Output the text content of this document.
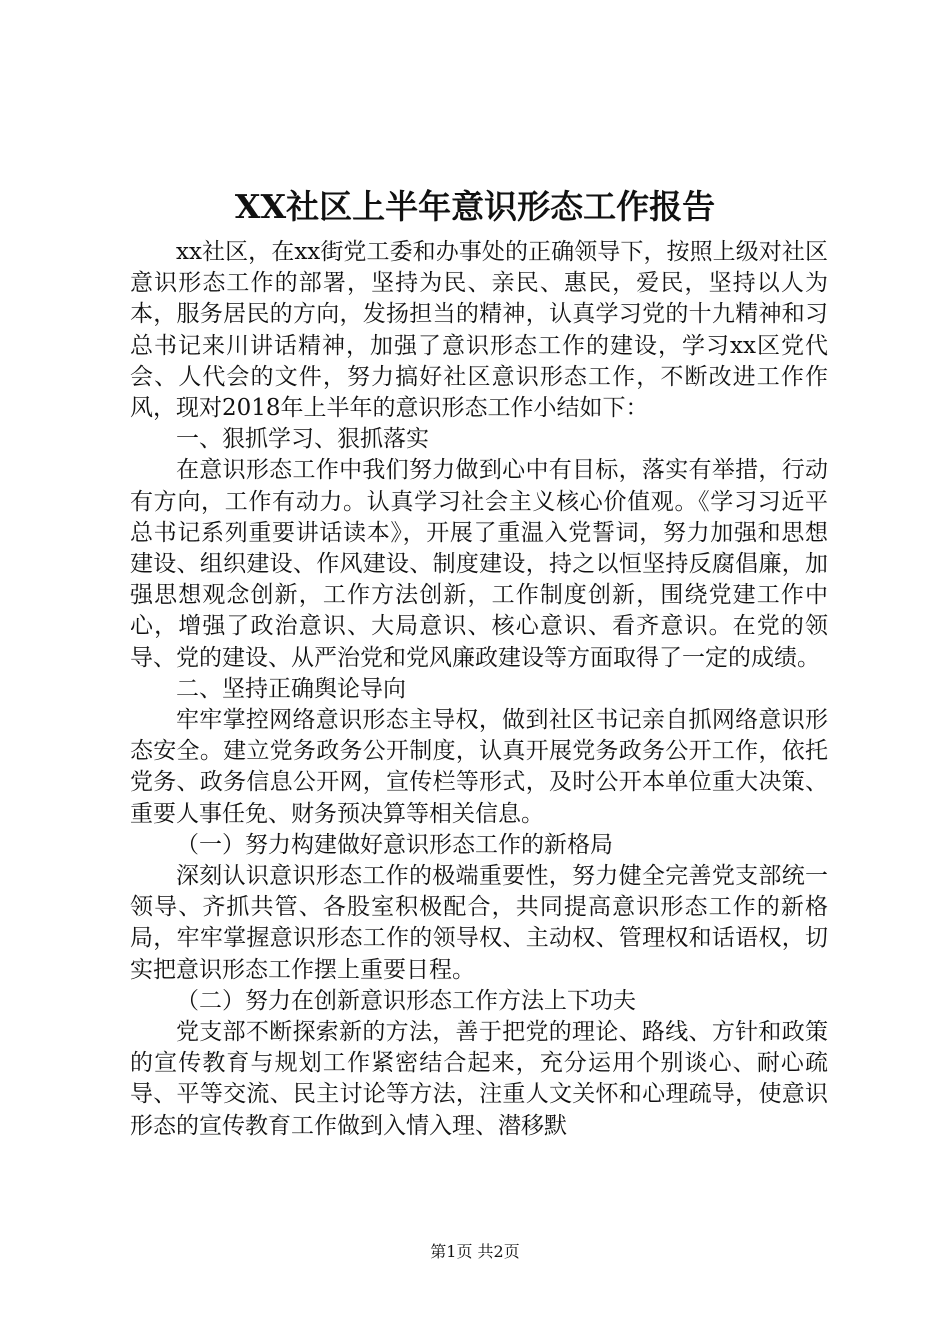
XX社区上半年意识形态工作报告

xx社区，在xx街党工委和办事处的正确领导下，按照上级对社区意识形态工作的部署，坚持为民、亲民、惠民，爱民，坚持以人为本，服务居民的方向，发扬担当的精神，认真学习党的十九精神和习总书记来川讲话精神，加强了意识形态工作的建设，学习xx区党代会、人代会的文件，努力搞好社区意识形态工作，不断改进工作作风，现对2018年上半年的意识形态工作小结如下：

一、狠抓学习、狠抓落实

在意识形态工作中我们努力做到心中有目标，落实有举措，行动有方向，工作有动力。认真学习社会主义核心价值观。《学习习近平总书记系列重要讲话读本》，开展了重温入党誓词，努力加强和思想建设、组织建设、作风建设、制度建设，持之以恒坚持反腐倡廉，加强思想观念创新，工作方法创新，工作制度创新，围绕党建工作中心，增强了政治意识、大局意识、核心意识、看齐意识。在党的领导、党的建设、从严治党和党风廉政建设等方面取得了一定的成绩。

二、坚持正确舆论导向

牢牢掌控网络意识形态主导权，做到社区书记亲自抓网络意识形态安全。建立党务政务公开制度，认真开展党务政务公开工作，依托党务、政务信息公开网，宣传栏等形式，及时公开本单位重大决策、重要人事任免、财务预决算等相关信息。

（一）努力构建做好意识形态工作的新格局

深刻认识意识形态工作的极端重要性，努力健全完善党支部统一领导、齐抓共管、各股室积极配合，共同提高意识形态工作的新格局，牢牢掌握意识形态工作的领导权、主动权、管理权和话语权，切实把意识形态工作摆上重要日程。

（二）努力在创新意识形态工作方法上下功夫

党支部不断探索新的方法，善于把党的理论、路线、方针和政策的宣传教育与规划工作紧密结合起来，充分运用个别谈心、耐心疏导、平等交流、民主讨论等方法，注重人文关怀和心理疏导，使意识形态的宣传教育工作做到入情入理、潜移默

第1页 共2页
